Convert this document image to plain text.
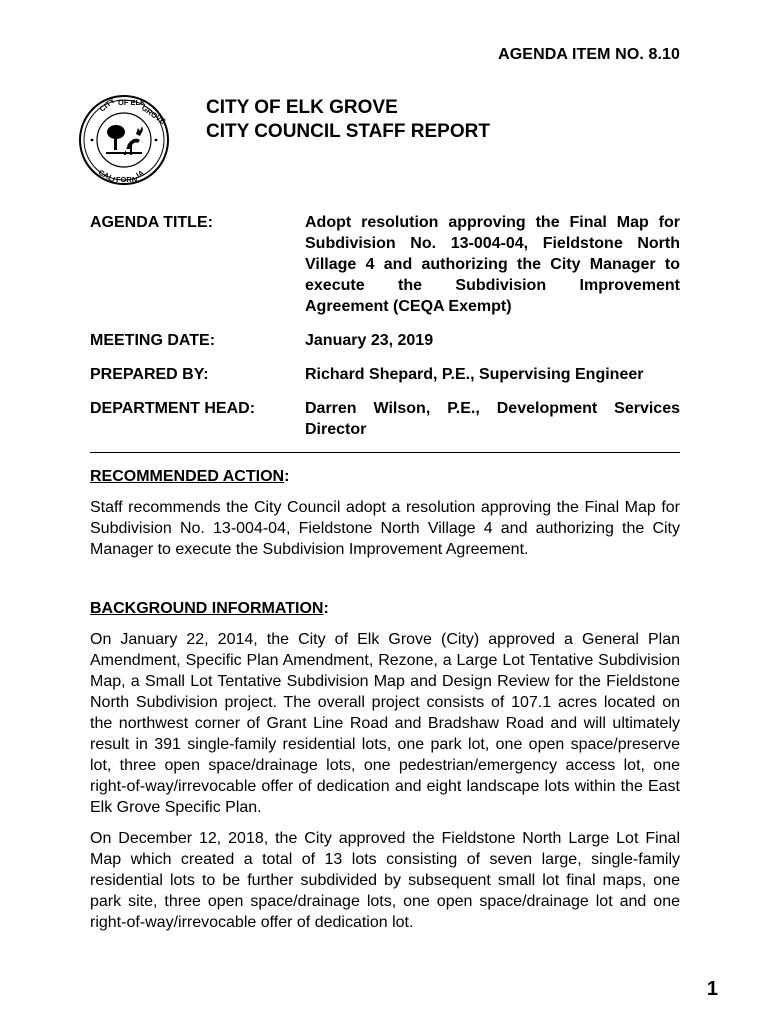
AGENDA ITEM NO. 8.10
CITY OF ELK
GROVE
CALI FORN
IA
CITY OF ELK GROVE
CITY COUNCIL STAFF REPORT
AGENDA TITLE:	Adopt resolution approving the Final Map for Subdivision No. 13-004-04, Fieldstone North Village 4 and authorizing the City Manager to execute the Subdivision Improvement Agreement (CEQA Exempt)
MEETING DATE:	January 23, 2019
PREPARED BY:	Richard Shepard, P.E., Supervising Engineer
DEPARTMENT HEAD:	Darren Wilson, P.E., Development Services Director
RECOMMENDED ACTION:

Staff recommends the City Council adopt a resolution approving the Final Map for Subdivision No. 13-004-04, Fieldstone North Village 4 and authorizing the City Manager to execute the Subdivision Improvement Agreement.

BACKGROUND INFORMATION:

On January 22, 2014, the City of Elk Grove (City) approved a General Plan Amendment, Specific Plan Amendment, Rezone, a Large Lot Tentative Subdivision Map, a Small Lot Tentative Subdivision Map and Design Review for the Fieldstone North Subdivision project. The overall project consists of 107.1 acres located on the northwest corner of Grant Line Road and Bradshaw Road and will ultimately result in 391 single-family residential lots, one park lot, one open space/preserve lot, three open space/drainage lots, one pedestrian/emergency access lot, one right-of-way/irrevocable offer of dedication and eight landscape lots within the East Elk Grove Specific Plan.

On December 12, 2018, the City approved the Fieldstone North Large Lot Final Map which created a total of 13 lots consisting of seven large, single-family residential lots to be further subdivided by subsequent small lot final maps, one park site, three open space/drainage lots, one open space/drainage lot and one right-of-way/irrevocable offer of dedication lot.

1
